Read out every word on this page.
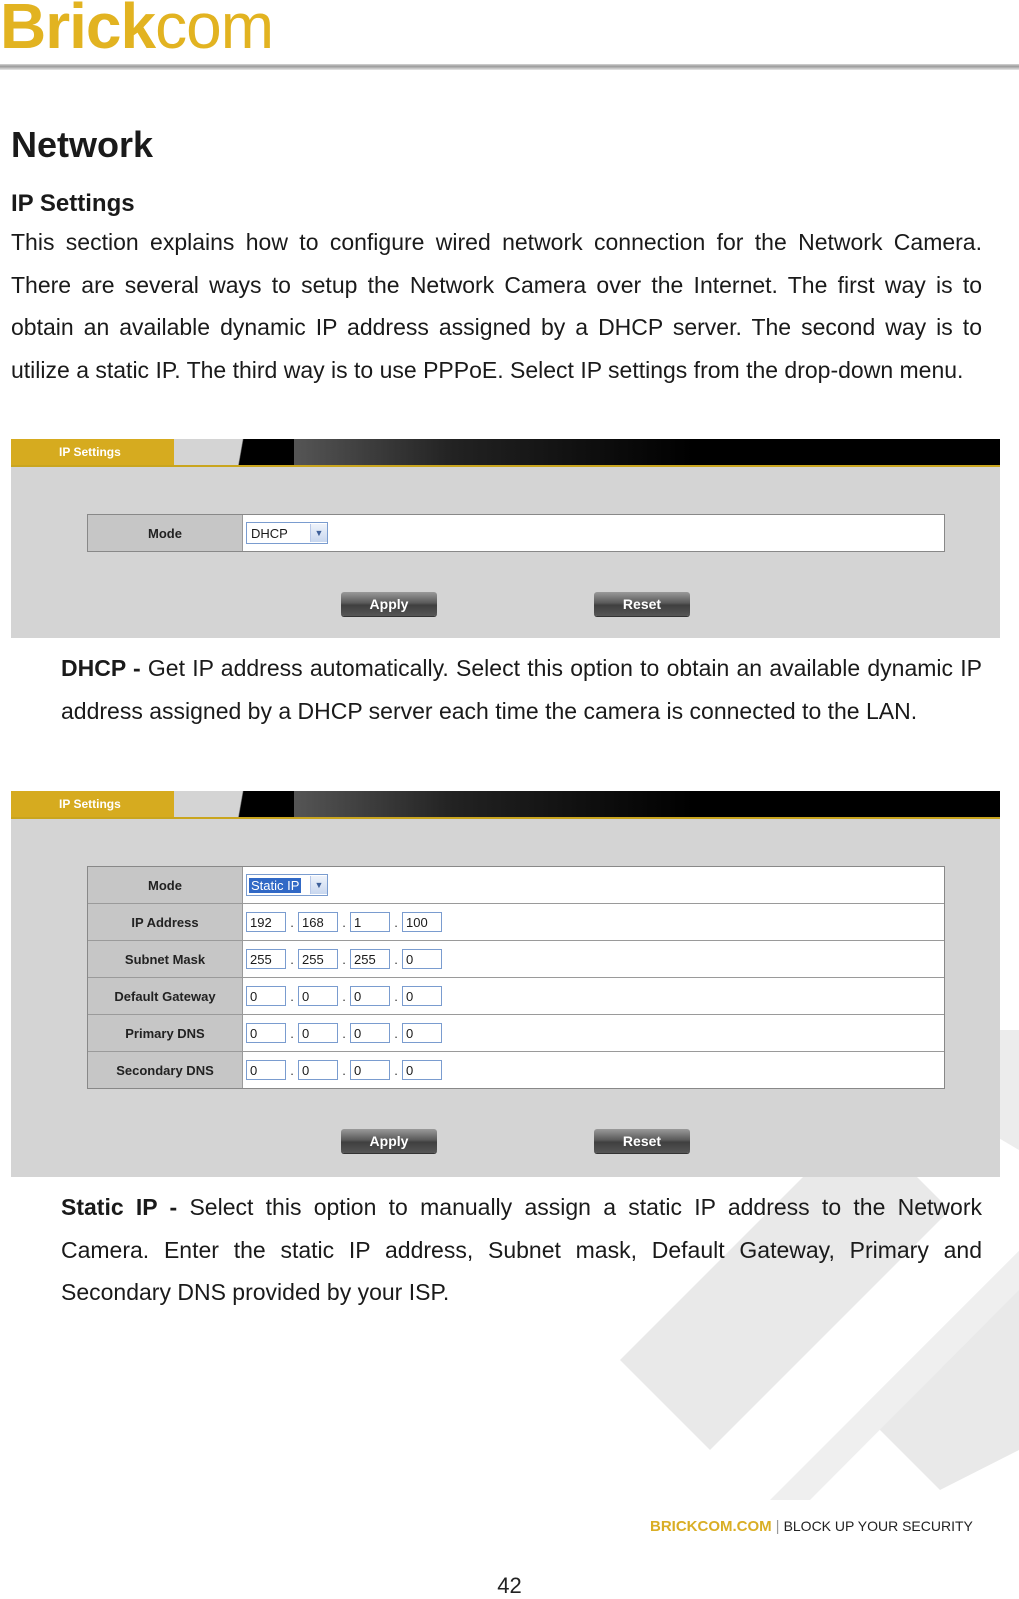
Brickcom
Network
IP Settings

This section explains how to configure wired network connection for the Network Camera. There are several ways to setup the Network Camera over the Internet. The first way is to obtain an available dynamic IP address assigned by a DHCP server. The second way is to utilize a static IP. The third way is to use PPPoE. Select IP settings from the drop-down menu.

IP Settings
Mode	DHCP	▼
Apply	Reset

DHCP - Get IP address automatically. Select this option to obtain an available dynamic IP address assigned by a DHCP server each time the camera is connected to the LAN.

IP Settings
Mode	Static IP	▼
IP Address	192	. 168	. 1	. 100
Subnet Mask	255	. 255	. 255	. 0
Default Gateway	0	. 0	. 0	. 0
Primary DNS	0	. 0	. 0	. 0
Secondary DNS	0	. 0	. 0	. 0
Apply	Reset

Static IP - Select this option to manually assign a static IP address to the Network Camera. Enter the static IP address, Subnet mask, Default Gateway, Primary and Secondary DNS provided by your ISP.

BRICKCOM.COM | BLOCK UP YOUR SECURITY
42
